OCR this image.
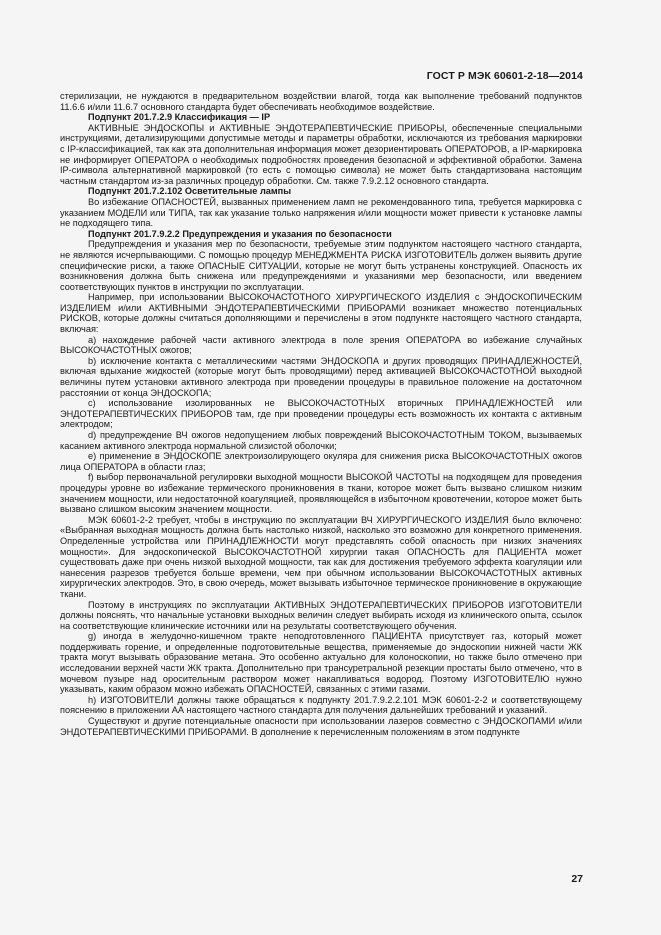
ГОСТ Р МЭК 60601-2-18—2014

стерилизации, не нуждаются в предварительном воздействии влагой, тогда как выполнение требований подпунктов 11.6.6 и/или 11.6.7 основного стандарта будет обеспечивать необходимое воздействие.

Подпункт 201.7.2.9 Классификация — IP

АКТИВНЫЕ ЭНДОСКОПЫ и АКТИВНЫЕ ЭНДОТЕРАПЕВТИЧЕСКИЕ ПРИБОРЫ, обеспеченные специальными инструкциями, детализирующими допустимые методы и параметры обработки, исключаются из требования маркировки с IP-классификацией, так как эта дополнительная информация может дезориентировать ОПЕРАТОРОВ, а IP-маркировка не информирует ОПЕРАТОРА о необходимых подробностях проведения безопасной и эффективной обработки. Замена IP-символа альтернативной маркировкой (то есть с помощью символа) не может быть стандартизована настоящим частным стандартом из-за различных процедур обработки. См. также 7.9.2.12 основного стандарта.

Подпункт 201.7.2.102 Осветительные лампы

Во избежание ОПАСНОСТЕЙ, вызванных применением ламп не рекомендованного типа, требуется маркировка с указанием МОДЕЛИ или ТИПА, так как указание только напряжения и/или мощности может привести к установке лампы не подходящего типа.

Подпункт 201.7.9.2.2 Предупреждения и указания по безопасности

Предупреждения и указания мер по безопасности, требуемые этим подпунктом настоящего частного стандарта, не являются исчерпывающими. С помощью процедур МЕНЕДЖМЕНТА РИСКА ИЗГОТОВИТЕЛЬ должен выявить другие специфические риски, а также ОПАСНЫЕ СИТУАЦИИ, которые не могут быть устранены конструкцией. Опасность их возникновения должна быть снижена или предупреждениями и указаниями мер безопасности, или введением соответствующих пунктов в инструкции по эксплуатации.

Например, при использовании ВЫСОКОЧАСТОТНОГО ХИРУРГИЧЕСКОГО ИЗДЕЛИЯ с ЭНДОСКОПИЧЕСКИМ ИЗДЕЛИЕМ и/или АКТИВНЫМИ ЭНДОТЕРАПЕВТИЧЕСКИМИ ПРИБОРАМИ возникает множество потенциальных РИСКОВ, которые должны считаться дополняющими и перечислены в этом подпункте настоящего частного стандарта, включая:

a) нахождение рабочей части активного электрода в поле зрения ОПЕРАТОРА во избежание случайных ВЫСОКОЧАСТОТНЫХ ожогов;

b) исключение контакта с металлическими частями ЭНДОСКОПА и других проводящих ПРИНАДЛЕЖНОСТЕЙ, включая вдыхание жидкостей (которые могут быть проводящими) перед активацией ВЫСОКОЧАСТОТНОЙ выходной величины путем установки активного электрода при проведении процедуры в правильное положение на достаточном расстоянии от конца ЭНДОСКОПА;

c) использование изолированных не ВЫСОКОЧАСТОТНЫХ вторичных ПРИНАДЛЕЖНОСТЕЙ или ЭНДОТЕРАПЕВТИЧЕСКИХ ПРИБОРОВ там, где при проведении процедуры есть возможность их контакта с активным электродом;

d) предупреждение ВЧ ожогов недопущением любых повреждений ВЫСОКОЧАСТОТНЫМ ТОКОМ, вызываемых касанием активного электрода нормальной слизистой оболочки;

e) применение в ЭНДОСКОПЕ электроизолирующего окуляра для снижения риска ВЫСОКОЧАСТОТНЫХ ожогов лица ОПЕРАТОРА в области глаз;

f) выбор первоначальной регулировки выходной мощности ВЫСОКОЙ ЧАСТОТЫ на подходящем для проведения процедуры уровне во избежание термического проникновения в ткани, которое может быть вызвано слишком низким значением мощности, или недостаточной коагуляцией, проявляющейся в избыточном кровотечении, которое может быть вызвано слишком высоким значением мощности.

МЭК 60601-2-2 требует, чтобы в инструкцию по эксплуатации ВЧ ХИРУРГИЧЕСКОГО ИЗДЕЛИЯ было включено: «Выбранная выходная мощность должна быть настолько низкой, насколько это возможно для конкретного применения. Определенные устройства или ПРИНАДЛЕЖНОСТИ могут представлять собой опасность при низких значениях мощности». Для эндоскопической ВЫСОКОЧАСТОТНОЙ хирургии такая ОПАСНОСТЬ для ПАЦИЕНТА может существовать даже при очень низкой выходной мощности, так как для достижения требуемого эффекта коагуляции или нанесения разрезов требуется больше времени, чем при обычном использовании ВЫСОКОЧАСТОТНЫХ активных хирургических электродов. Это, в свою очередь, может вызывать избыточное термическое проникновение в окружающие ткани.

Поэтому в инструкциях по эксплуатации АКТИВНЫХ ЭНДОТЕРАПЕВТИЧЕСКИХ ПРИБОРОВ ИЗГОТОВИТЕЛИ должны пояснять, что начальные установки выходных величин следует выбирать исходя из клинического опыта, ссылок на соответствующие клинические источники или на результаты соответствующего обучения.

g) иногда в желудочно-кишечном тракте неподготовленного ПАЦИЕНТА присутствует газ, который может поддерживать горение, и определенные подготовительные вещества, применяемые до эндоскопии нижней части ЖК тракта могут вызывать образование метана. Это особенно актуально для колоноскопии, но также было отмечено при исследовании верхней части ЖК тракта. Дополнительно при трансуретральной резекции простаты было отмечено, что в мочевом пузыре над оросительным раствором может накапливаться водород. Поэтому ИЗГОТОВИТЕЛЮ нужно указывать, каким образом можно избежать ОПАСНОСТЕЙ, связанных с этими газами.

h) ИЗГОТОВИТЕЛИ должны также обращаться к подпункту 201.7.9.2.2.101 МЭК 60601-2-2 и соответствующему пояснению в приложении АА настоящего частного стандарта для получения дальнейших требований и указаний.

Существуют и другие потенциальные опасности при использовании лазеров совместно с ЭНДОСКОПАМИ и/или ЭНДОТЕРАПЕВТИЧЕСКИМИ ПРИБОРАМИ. В дополнение к перечисленным положениям в этом подпункте

27
